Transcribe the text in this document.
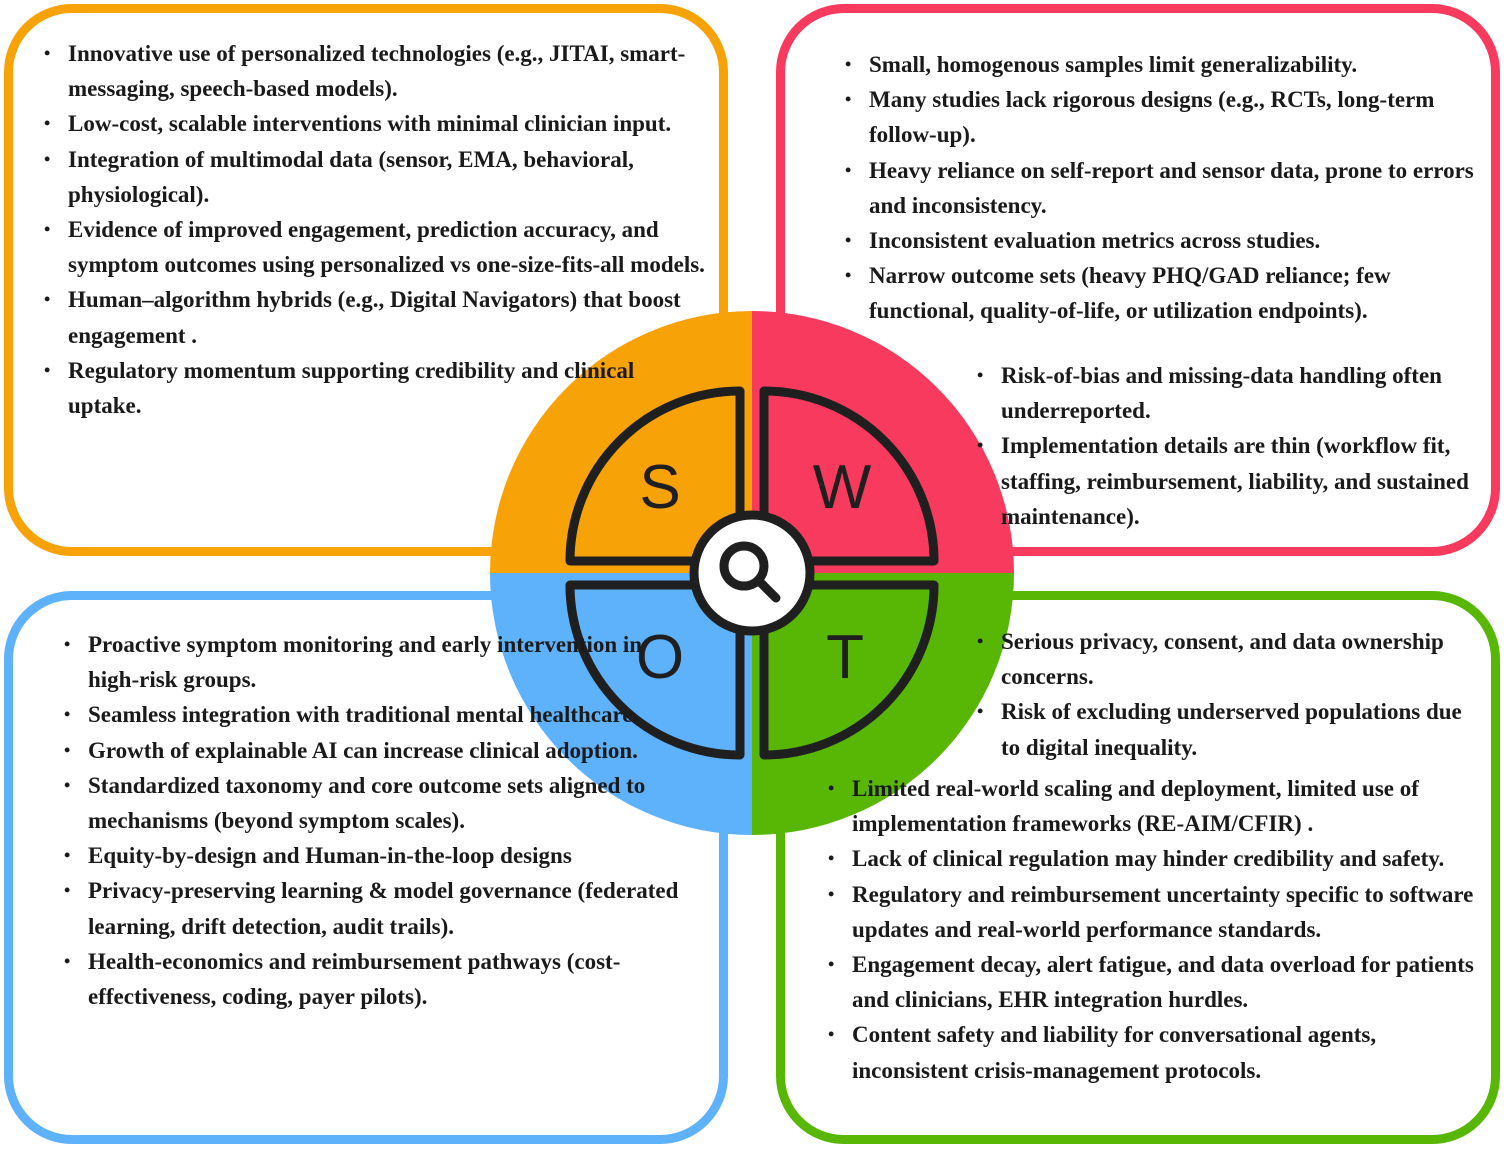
S W
O T
• Innovative use of personalized technologies (e.g., JITAI, smart-messaging, speech-based models).
• Low-cost, scalable interventions with minimal clinician input.
• Integration of multimodal data (sensor, EMA, behavioral, physiological).
• Evidence of improved engagement, prediction accuracy, and symptom outcomes using personalized vs one-size-fits-all models.
• Human–algorithm hybrids (e.g., Digital Navigators) that boost engagement .
• Regulatory momentum supporting credibility and clinical uptake.
• Small, homogenous samples limit generalizability.
• Many studies lack rigorous designs (e.g., RCTs, long-term follow-up).
• Heavy reliance on self-report and sensor data, prone to errors and inconsistency.
• Inconsistent evaluation metrics across studies.
• Narrow outcome sets (heavy PHQ/GAD reliance; few functional, quality-of-life, or utilization endpoints).
• Risk-of-bias and missing-data handling often underreported.
• Implementation details are thin (workflow fit, staffing, reimbursement, liability, and sustained maintenance).
• Proactive symptom monitoring and early intervention in high-risk groups.
• Seamless integration with traditional mental healthcare.
• Growth of explainable AI can increase clinical adoption.
• Standardized taxonomy and core outcome sets aligned to mechanisms (beyond symptom scales).
• Equity-by-design and Human-in-the-loop designs
• Privacy-preserving learning & model governance (federated learning, drift detection, audit trails).
• Health-economics and reimbursement pathways (cost-effectiveness, coding, payer pilots).
• Serious privacy, consent, and data ownership concerns.
• Risk of excluding underserved populations due to digital inequality.
• Limited real-world scaling and deployment, limited use of implementation frameworks (RE-AIM/CFIR) .
• Lack of clinical regulation may hinder credibility and safety.
• Regulatory and reimbursement uncertainty specific to software updates and real-world performance standards.
• Engagement decay, alert fatigue, and data overload for patients and clinicians, EHR integration hurdles.
• Content safety and liability for conversational agents, inconsistent crisis-management protocols.
